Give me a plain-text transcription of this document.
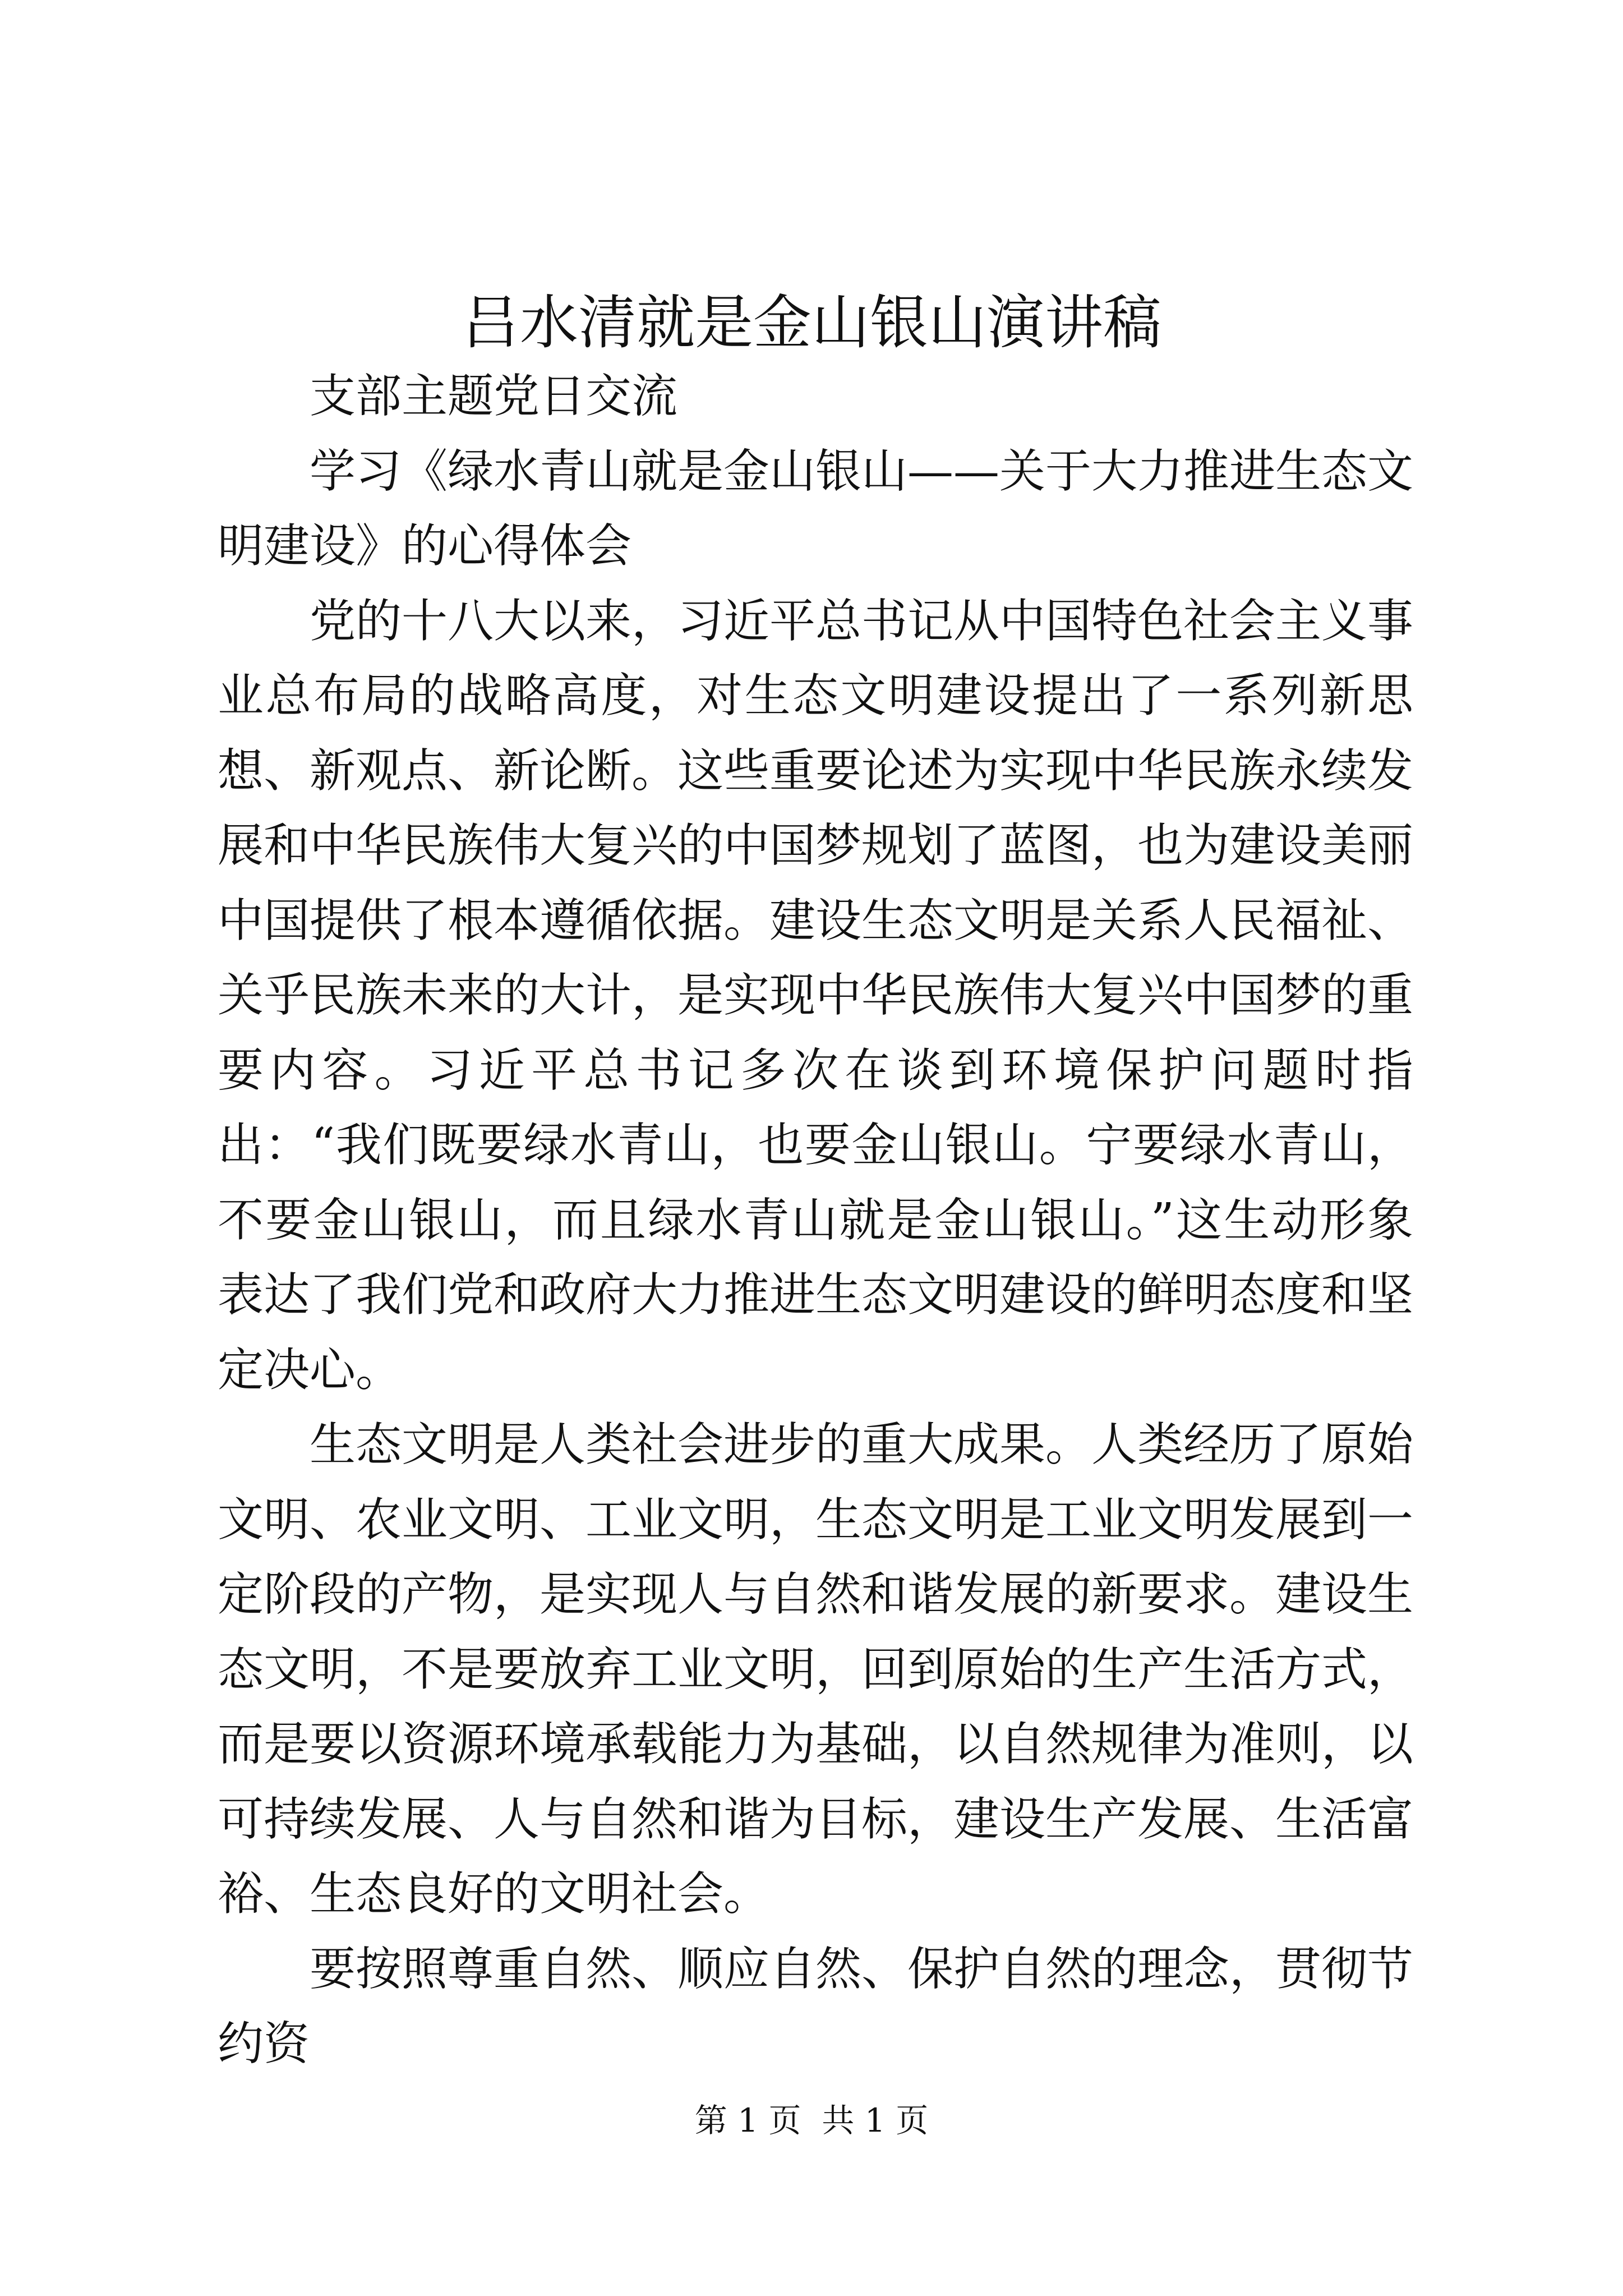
吕水清就是金山银山演讲稿

支部主题党日交流

学习《绿水青山就是金山银山——关于大力推进生态文明建设》的心得体会

党的十八大以来，习近平总书记从中国特色社会主义事业总布局的战略高度，对生态文明建设提出了一系列新思想、新观点、新论断。这些重要论述为实现中华民族永续发展和中华民族伟大复兴的中国梦规划了蓝图，也为建设美丽中国提供了根本遵循依据。建设生态文明是关系人民福祉、关乎民族未来的大计，是实现中华民族伟大复兴中国梦的重要内容。习近平总书记多次在谈到环境保护问题时指出：“我们既要绿水青山，也要金山银山。宁要绿水青山，不要金山银山，而且绿水青山就是金山银山。”这生动形象表达了我们党和政府大力推进生态文明建设的鲜明态度和坚定决心。

生态文明是人类社会进步的重大成果。人类经历了原始文明、农业文明、工业文明，生态文明是工业文明发展到一定阶段的产物，是实现人与自然和谐发展的新要求。建设生态文明，不是要放弃工业文明，回到原始的生产生活方式，而是要以资源环境承载能力为基础，以自然规律为准则，以可持续发展、人与自然和谐为目标，建设生产发展、生活富裕、生态良好的文明社会。

要按照尊重自然、顺应自然、保护自然的理念，贯彻节约资

第 1 页  共 1 页
